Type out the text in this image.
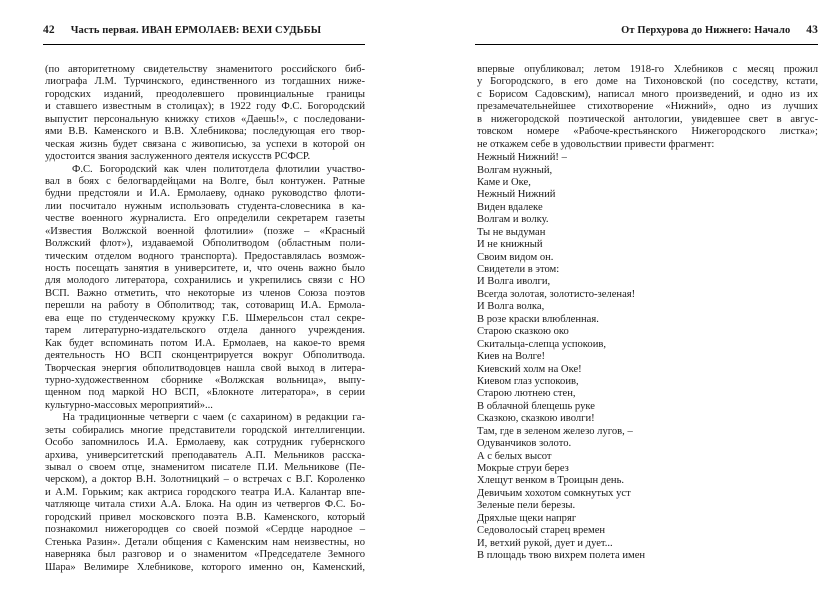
42 Часть первая. ИВАН ЕРМОЛАЕВ: ВЕХИ СУДЬБЫ
(по авторитетному свидетельству знаменитого российского биб-
лиографа Л.М. Турчинского, единственного из тогдашних ниже-
городских изданий, преодолевшего провинциальные границы
и ставшего известным в столицах); в 1922 году Ф.С. Богородский
выпустит персональную книжку стихов «Даешь!», с последовани-
ями В.В. Каменского и В.В. Хлебникова; последующая его твор-
ческая жизнь будет связана с живописью, за успехи в которой он
удостоится звания заслуженного деятеля искусств РСФСР.
Ф.С. Богородский как член политотдела флотилии участво-
вал в боях с белогвардейцами на Волге, был контужен. Ратные
будни предстояли и И.А. Ермолаеву, однако руководство флоти-
лии посчитало нужным использовать студента-словесника в ка-
честве военного журналиста. Его определили секретарем газеты
«Известия Волжской военной флотилии» (позже – «Красный
Волжский флот»), издаваемой Обполитводом (областным поли-
тическим отделом водного транспорта). Предоставлялась возмож-
ность посещать занятия в университете, и, что очень важно было
для молодого литератора, сохранились и укрепились связи с НО
ВСП. Важно отметить, что некоторые из членов Союза поэтов
перешли на работу в Обполитвод; так, сотоварищ И.А. Ермола-
ева еще по студенческому кружку Г.Б. Шмерельсон стал секре-
тарем литературно-издательского отдела данного учреждения.
Как будет вспоминать потом И.А. Ермолаев, на какое-то время
деятельность НО ВСП сконцентрируется вокруг Обполитвода.
Творческая энергия обполитводовцев нашла свой выход в литера-
турно-художественном сборнике «Волжская вольница», выпу-
щенном под маркой НО ВСП, «Блокноте литератора», в серии
культурно-массовых мероприятий»...
На традиционные четверги с чаем (с сахарином) в редакции га-
зеты собирались многие представители городской интеллигенции.
Особо запомнилось И.А. Ермолаеву, как сотрудник губернского
архива, университетский преподаватель А.П. Мельников расска-
зывал о своем отце, знаменитом писателе П.И. Мельникове (Пе-
черском), а доктор В.Н. Золотницкий – о встречах с В.Г. Короленко
и А.М. Горьким; как актриса городского театра И.А. Калантар впе-
чатляюще читала стихи А.А. Блока. На один из четвергов Ф.С. Бо-
городский привел московского поэта В.В. Каменского, который
познакомил нижегородцев со своей поэмой «Сердце народное –
Стенька Разин». Детали общения с Каменским нам неизвестны, но
наверняка был разговор и о знаменитом «Председателе Земного
Шара» Велимире Хлебникове, которого именно он, Каменский,
От Перхурова до Нижнего: Начало 43
впервые опубликовал; летом 1918-го Хлебников с месяц прожил
у Богородского, в его доме на Тихоновской (по соседству, кстати,
с Борисом Садовским), написал много произведений, и одно из их
презамечательнейшее стихотворение «Нижний», одно из лучших
в нижегородской поэтической антологии, увидевшее свет в авгус-
товском номере «Рабоче-крестьянского Нижегородского листка»;
не откажем себе в удовольствии привести фрагмент:
Нежный Нижний! –
Волгам нужный,
Каме и Оке,
Нежный Нижний
Виден вдалеке
Волгам и волку.
Ты не выдуман
И не книжный
Своим видом он.
Свидетели в этом:
И Волга иволги,
Всегда золотая, золотисто-зеленая!
И Волга волка,
В розе краски влюбленная.
Старою сказкою око
Скитальца-слепца успокоив,
Киев на Волге!
Киевский холм на Оке!
Киевом глаз успокоив,
Старою лютнею стен,
В облачной блещешь руке
Сказкою, сказкою иволги!
Там, где в зеленом железо лугов, –
Одуванчиков золото.
А с белых высот
Мокрые струи берез
Хлещут венком в Троицын день.
Девичьим хохотом сомкнутых уст
Зеленые пели березы.
Дряхлые щеки напряг
Седоволосый старец времен
И, ветхий рукой, дует и дует...
В площадь твою вихрем полета имен
